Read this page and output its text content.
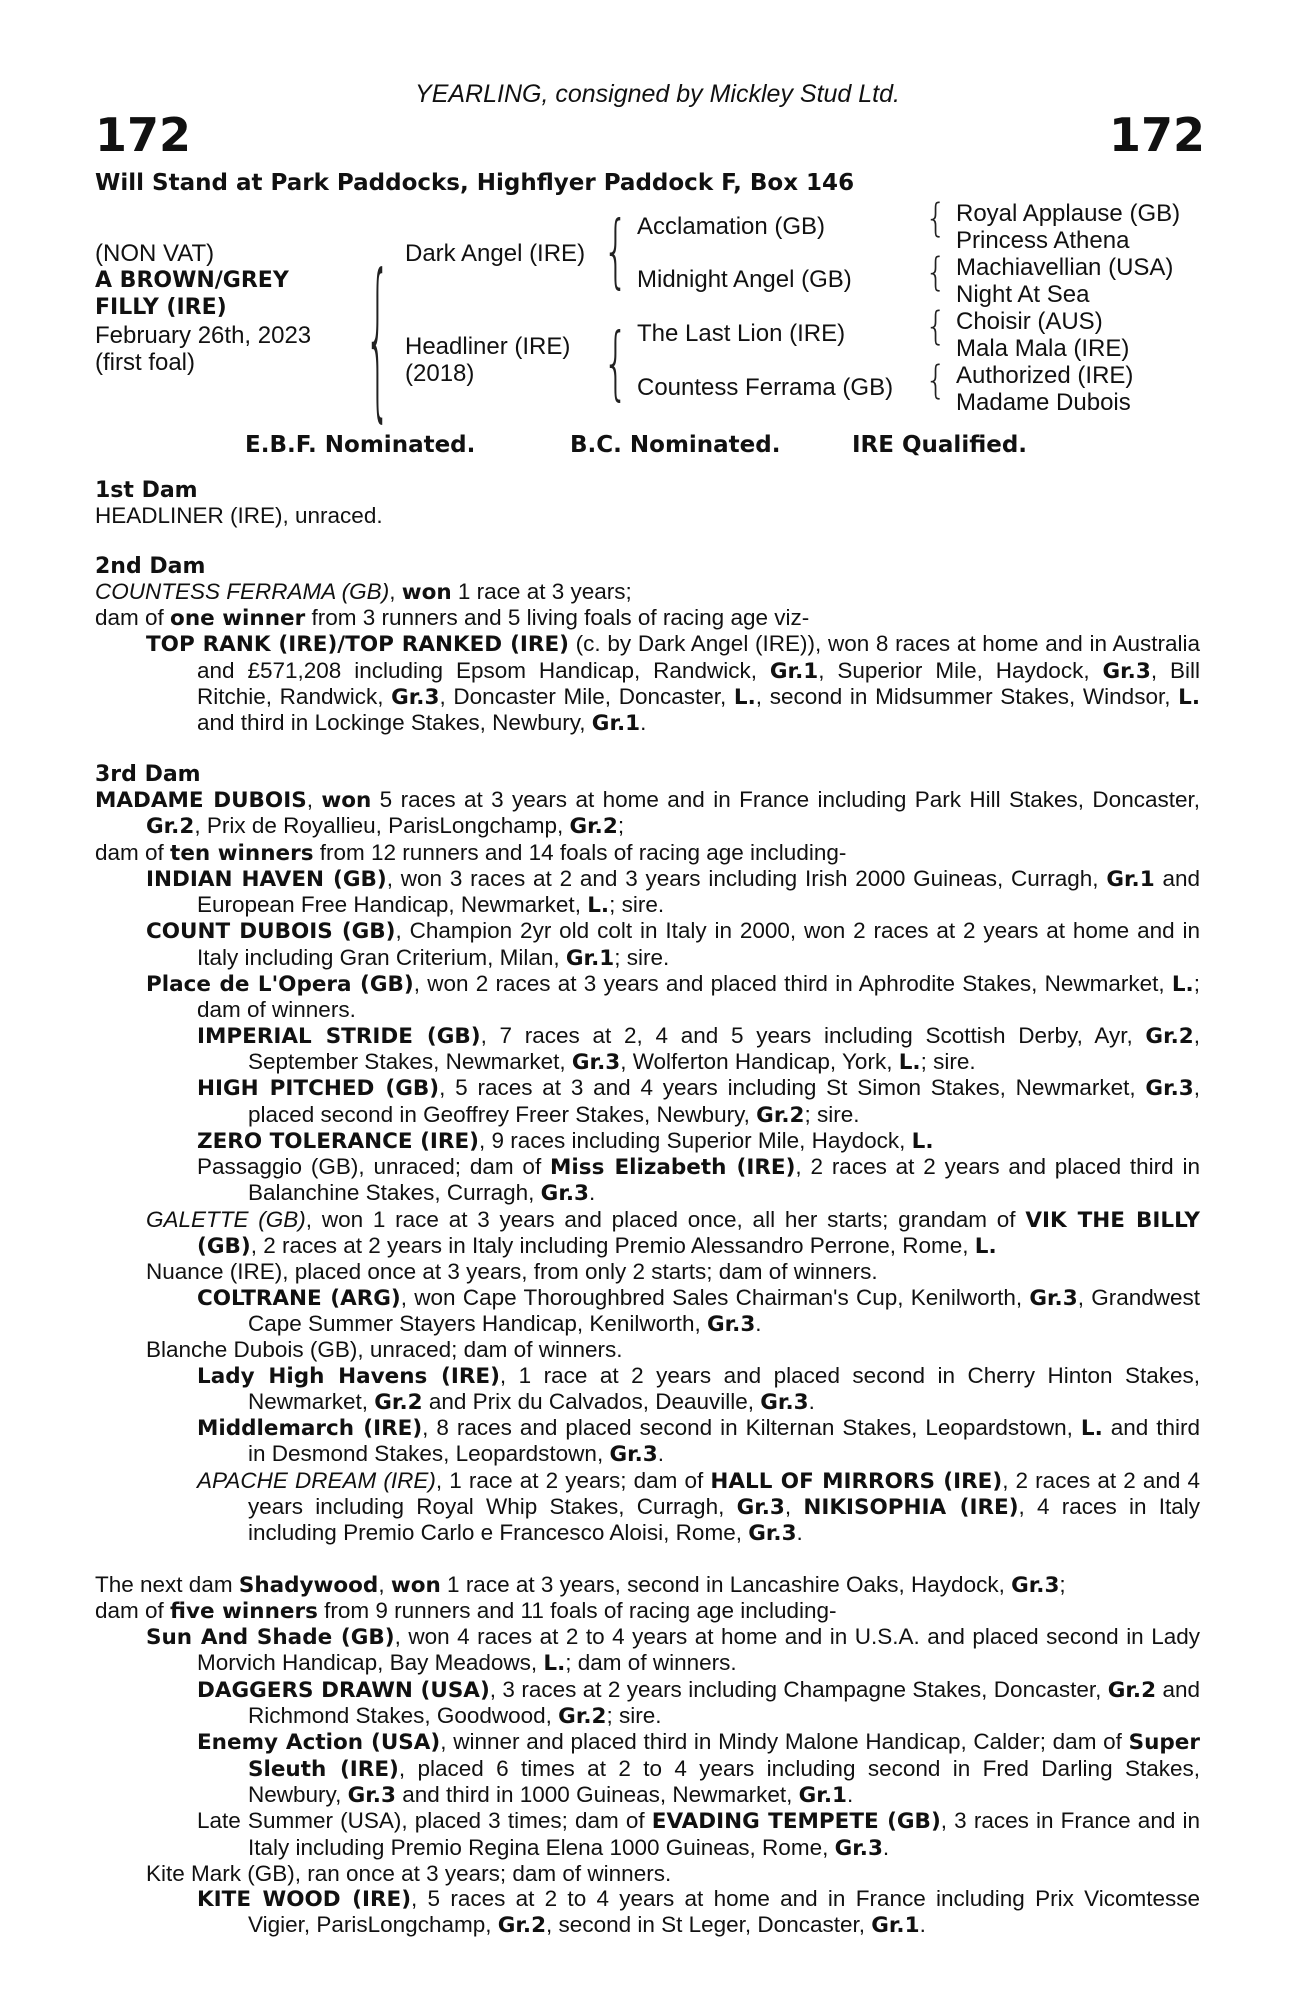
YEARLING, consigned by Mickley Stud Ltd.
172	172
Will Stand at Park Paddocks, Highflyer Paddock F, Box 146
(NON VAT)
A BROWN/GREY
FILLY (IRE)
February 26th, 2023
(first foal)	{	{
{
{
{
{
{
Dark Angel (IRE)
Headliner (IRE)
(2018)
Acclamation (GB)
Midnight Angel (GB)
The Last Lion (IRE)
Countess Ferrama (GB)
Royal Applause (GB)
Princess Athena
Machiavellian (USA)
Night At Sea
Choisir (AUS)
Mala Mala (IRE)
Authorized (IRE)
Madame Dubois
E.B.F. Nominated.	B.C. Nominated.	IRE Qualified.

1st Dam

HEADLINER (IRE), unraced.

2nd Dam

COUNTESS FERRAMA (GB), won 1 race at 3 years;

dam of one winner from 3 runners and 5 living foals of racing age viz-

TOP RANK (IRE)/TOP RANKED (IRE) (c. by Dark Angel (IRE)), won 8 races at home and in Australia and £571,208 including Epsom Handicap, Randwick, Gr.1, Superior Mile, Haydock, Gr.3, Bill Ritchie, Randwick, Gr.3, Doncaster Mile, Doncaster, L., second in Midsummer Stakes, Windsor, L. and third in Lockinge Stakes, Newbury, Gr.1.

3rd Dam

MADAME DUBOIS, won 5 races at 3 years at home and in France including Park Hill Stakes, Doncaster, Gr.2, Prix de Royallieu, ParisLongchamp, Gr.2;

dam of ten winners from 12 runners and 14 foals of racing age including-

INDIAN HAVEN (GB), won 3 races at 2 and 3 years including Irish 2000 Guineas, Curragh, Gr.1 and European Free Handicap, Newmarket, L.; sire.

COUNT DUBOIS (GB), Champion 2yr old colt in Italy in 2000, won 2 races at 2 years at home and in Italy including Gran Criterium, Milan, Gr.1; sire.

Place de L'Opera (GB), won 2 races at 3 years and placed third in Aphrodite Stakes, Newmarket, L.; dam of winners.

IMPERIAL STRIDE (GB), 7 races at 2, 4 and 5 years including Scottish Derby, Ayr, Gr.2, September Stakes, Newmarket, Gr.3, Wolferton Handicap, York, L.; sire.

HIGH PITCHED (GB), 5 races at 3 and 4 years including St Simon Stakes, Newmarket, Gr.3, placed second in Geoffrey Freer Stakes, Newbury, Gr.2; sire.

ZERO TOLERANCE (IRE), 9 races including Superior Mile, Haydock, L.

Passaggio (GB), unraced; dam of Miss Elizabeth (IRE), 2 races at 2 years and placed third in Balanchine Stakes, Curragh, Gr.3.

GALETTE (GB), won 1 race at 3 years and placed once, all her starts; grandam of VIK THE BILLY (GB), 2 races at 2 years in Italy including Premio Alessandro Perrone, Rome, L.

Nuance (IRE), placed once at 3 years, from only 2 starts; dam of winners.

COLTRANE (ARG), won Cape Thoroughbred Sales Chairman's Cup, Kenilworth, Gr.3, Grandwest Cape Summer Stayers Handicap, Kenilworth, Gr.3.

Blanche Dubois (GB), unraced; dam of winners.

Lady High Havens (IRE), 1 race at 2 years and placed second in Cherry Hinton Stakes, Newmarket, Gr.2 and Prix du Calvados, Deauville, Gr.3.

Middlemarch (IRE), 8 races and placed second in Kilternan Stakes, Leopardstown, L. and third in Desmond Stakes, Leopardstown, Gr.3.

APACHE DREAM (IRE), 1 race at 2 years; dam of HALL OF MIRRORS (IRE), 2 races at 2 and 4 years including Royal Whip Stakes, Curragh, Gr.3, NIKISOPHIA (IRE), 4 races in Italy including Premio Carlo e Francesco Aloisi, Rome, Gr.3.

The next dam Shadywood, won 1 race at 3 years, second in Lancashire Oaks, Haydock, Gr.3;

dam of five winners from 9 runners and 11 foals of racing age including-

Sun And Shade (GB), won 4 races at 2 to 4 years at home and in U.S.A. and placed second in Lady Morvich Handicap, Bay Meadows, L.; dam of winners.

DAGGERS DRAWN (USA), 3 races at 2 years including Champagne Stakes, Doncaster, Gr.2 and Richmond Stakes, Goodwood, Gr.2; sire.

Enemy Action (USA), winner and placed third in Mindy Malone Handicap, Calder; dam of Super Sleuth (IRE), placed 6 times at 2 to 4 years including second in Fred Darling Stakes, Newbury, Gr.3 and third in 1000 Guineas, Newmarket, Gr.1.

Late Summer (USA), placed 3 times; dam of EVADING TEMPETE (GB), 3 races in France and in Italy including Premio Regina Elena 1000 Guineas, Rome, Gr.3.

Kite Mark (GB), ran once at 3 years; dam of winners.

KITE WOOD (IRE), 5 races at 2 to 4 years at home and in France including Prix Vicomtesse Vigier, ParisLongchamp, Gr.2, second in St Leger, Doncaster, Gr.1.
